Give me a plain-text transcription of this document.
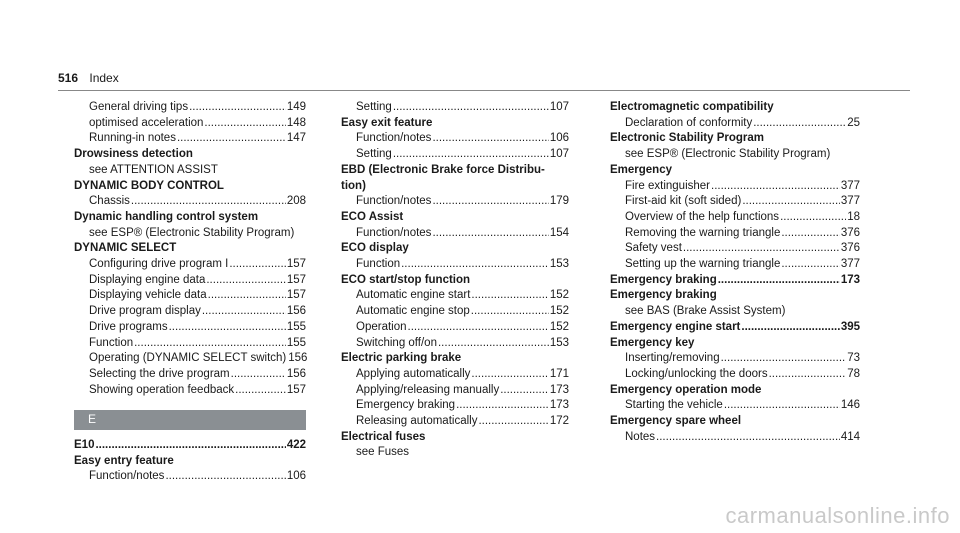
516 Index
General driving tips .....	149
optimised acceleration .....	148
Running-in notes .....	147
Drowsiness detection
see ATTENTION ASSIST
DYNAMIC BODY CONTROL
Chassis .....	208
Dynamic handling control system
see ESP® (Electronic Stability Program)
DYNAMIC SELECT
Configuring drive program I .....	157
Displaying engine data .....	157
Displaying vehicle data .....	157
Drive program display .....	156
Drive programs .....	155
Function .....	155
Operating (DYNAMIC SELECT switch) 156
Selecting the drive program .....	156
Showing operation feedback .....	157
E
E10 .....	422
Easy entry feature
Function/notes .....	106
Setting .....	107
Easy exit feature
Function/notes .....	106
Setting .....	107
EBD (Electronic Brake force Distribu-
tion)
Function/notes .....	179
ECO Assist
Function/notes .....	154
ECO display
Function .....	153
ECO start/stop function
Automatic engine start .....	152
Automatic engine stop .....	152
Operation .....	152
Switching off/on .....	153
Electric parking brake
Applying automatically .....	171
Applying/releasing manually .....	173
Emergency braking .....	173
Releasing automatically .....	172
Electrical fuses
see Fuses
Electromagnetic compatibility
Declaration of conformity .....	25
Electronic Stability Program
see ESP® (Electronic Stability Program)
Emergency
Fire extinguisher .....	377
First-aid kit (soft sided) .....	377
Overview of the help functions .....	18
Removing the warning triangle .....	376
Safety vest .....	376
Setting up the warning triangle .....	377
Emergency braking .....	173
Emergency braking
see BAS (Brake Assist System)
Emergency engine start .....	395
Emergency key
Inserting/removing .....	73
Locking/unlocking the doors .....	78
Emergency operation mode
Starting the vehicle .....	146
Emergency spare wheel
Notes .....	414
carmanualsonline.info
